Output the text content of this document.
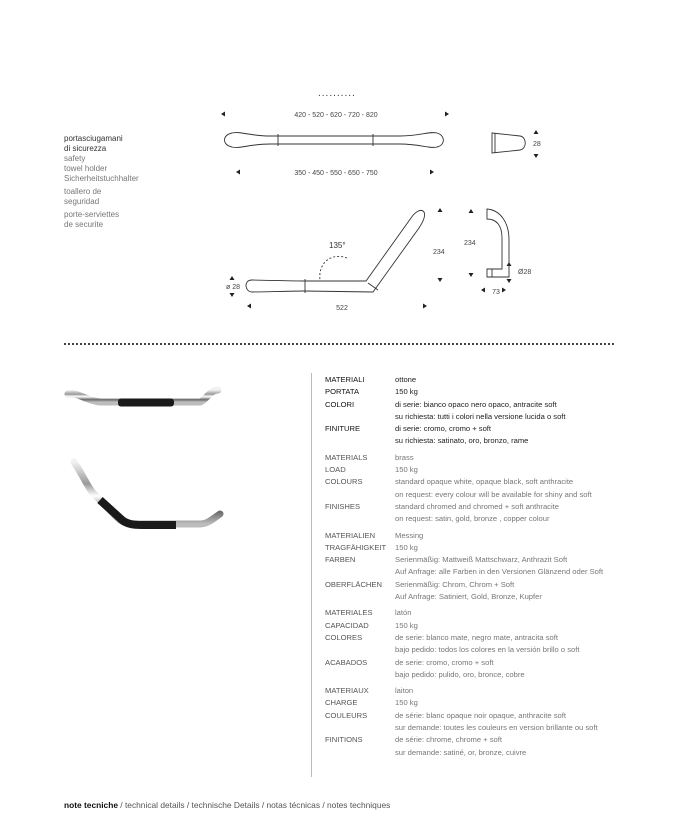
..........
portasciugamani
di sicurezza
safety
towel holder
Sicherheitstuchhalter
toallero de
seguridad
porte-serviettes
de securite
420 - 520 - 620 - 720 - 820
350 - 450 - 550 - 650 - 750
28
135°
234
234
ø 28
Ø28
522
73
MATERIALI	ottone
PORTATA	150 kg
COLORI	di serie: bianco opaco nero opaco, antracite soft
su richiesta: tutti i colori nella versione lucida o soft
FINITURE	di serie: cromo, cromo + soft
su richiesta: satinato, oro, bronzo, rame
MATERIALS	brass
LOAD	150 kg
COLOURS	standard opaque white, opaque black, soft anthracite
on request: every colour will be available for shiny and soft
FINISHES	standard chromed and chromed + soft anthracite
on request: satin, gold, bronze , copper colour
MATERIALIEN	Messing
TRAGFÄHIGKEIT	150 kg
FARBEN	Serienmäßig: Mattweiß Mattschwarz, Anthrazit Soft
Auf Anfrage: alle Farben in den Versionen Glänzend oder Soft
OBERFLÄCHEN	Serienmäßig: Chrom, Chrom + Soft
Auf Anfrage: Satiniert, Gold, Bronze, Kupfer
MATERIALES	latón
CAPACIDAD	150 kg
COLORES	de serie: blanco mate, negro mate, antracita soft
bajo pedido: todos los colores en la versión brillo o soft
ACABADOS	de serie: cromo, cromo + soft
bajo pedido: pulido, oro, bronce, cobre
MATERIAUX	laiton
CHARGE	150 kg
COULEURS	de série: blanc opaque noir opaque, anthracite soft
sur demande: toutes les couleurs en version brillante ou soft
FINITIONS	de série: chrome, chrome + soft
sur demande: satiné, or, bronze, cuivre
note tecniche / technical details / technische Details / notas técnicas / notes techniques
